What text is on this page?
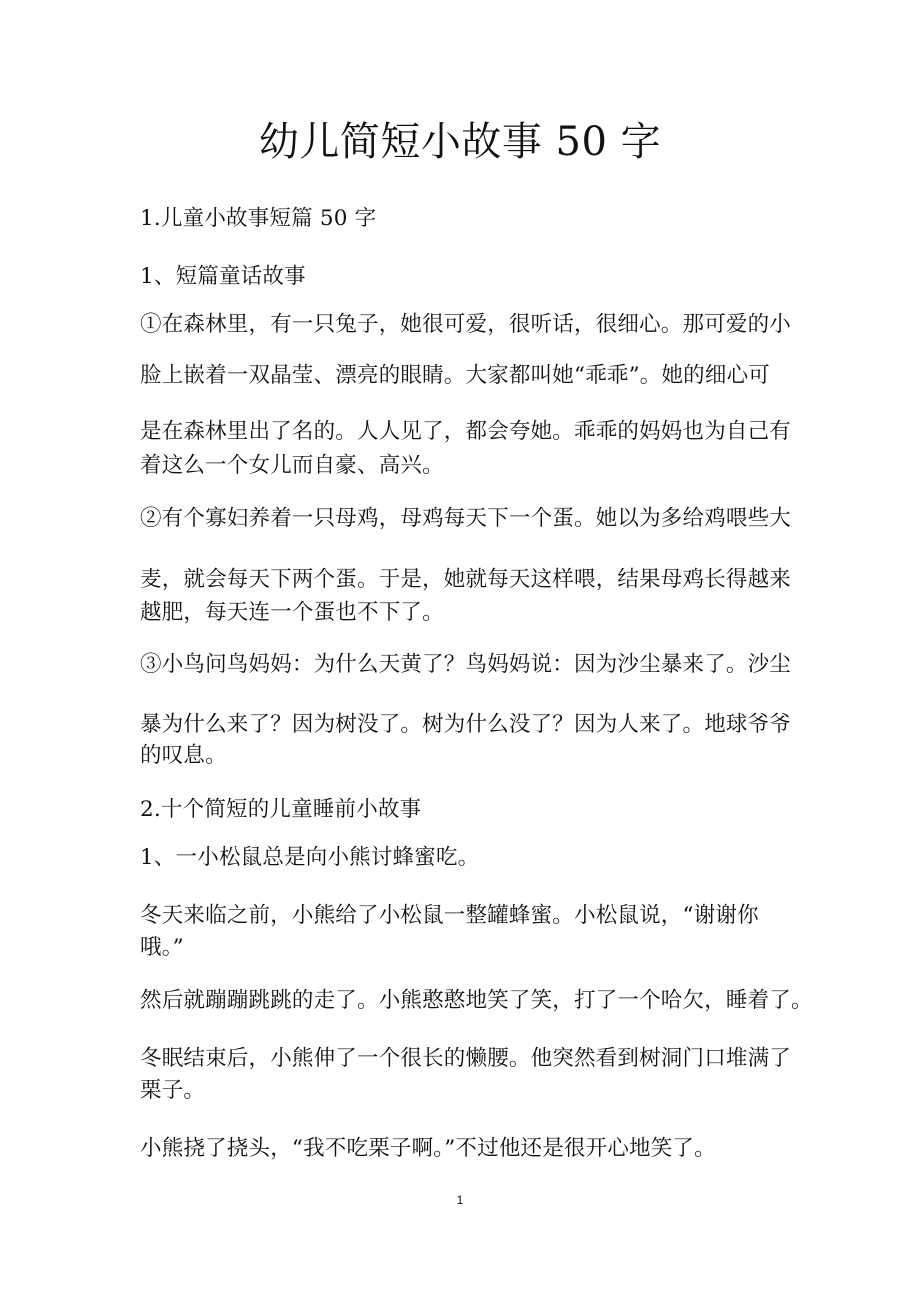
幼儿简短小故事 50 字
1.儿童小故事短篇 50 字
1、短篇童话故事
①在森林里，有一只兔子，她很可爱，很听话，很细心。那可爱的小
脸上嵌着一双晶莹、漂亮的眼睛。大家都叫她“乖乖”。她的细心可
是在森林里出了名的。人人见了，都会夸她。乖乖的妈妈也为自己有
着这么一个女儿而自豪、高兴。
②有个寡妇养着一只母鸡，母鸡每天下一个蛋。她以为多给鸡喂些大
麦，就会每天下两个蛋。于是，她就每天这样喂，结果母鸡长得越来
越肥，每天连一个蛋也不下了。
③小鸟问鸟妈妈：为什么天黄了？鸟妈妈说：因为沙尘暴来了。沙尘
暴为什么来了？因为树没了。树为什么没了？因为人来了。地球爷爷
的叹息。
2.十个简短的儿童睡前小故事
1、一小松鼠总是向小熊讨蜂蜜吃。
冬天来临之前，小熊给了小松鼠一整罐蜂蜜。小松鼠说，“谢谢你
哦。”
然后就蹦蹦跳跳的走了。小熊憨憨地笑了笑，打了一个哈欠，睡着了。
冬眠结束后，小熊伸了一个很长的懒腰。他突然看到树洞门口堆满了
栗子。
小熊挠了挠头，“我不吃栗子啊。”不过他还是很开心地笑了。
1
